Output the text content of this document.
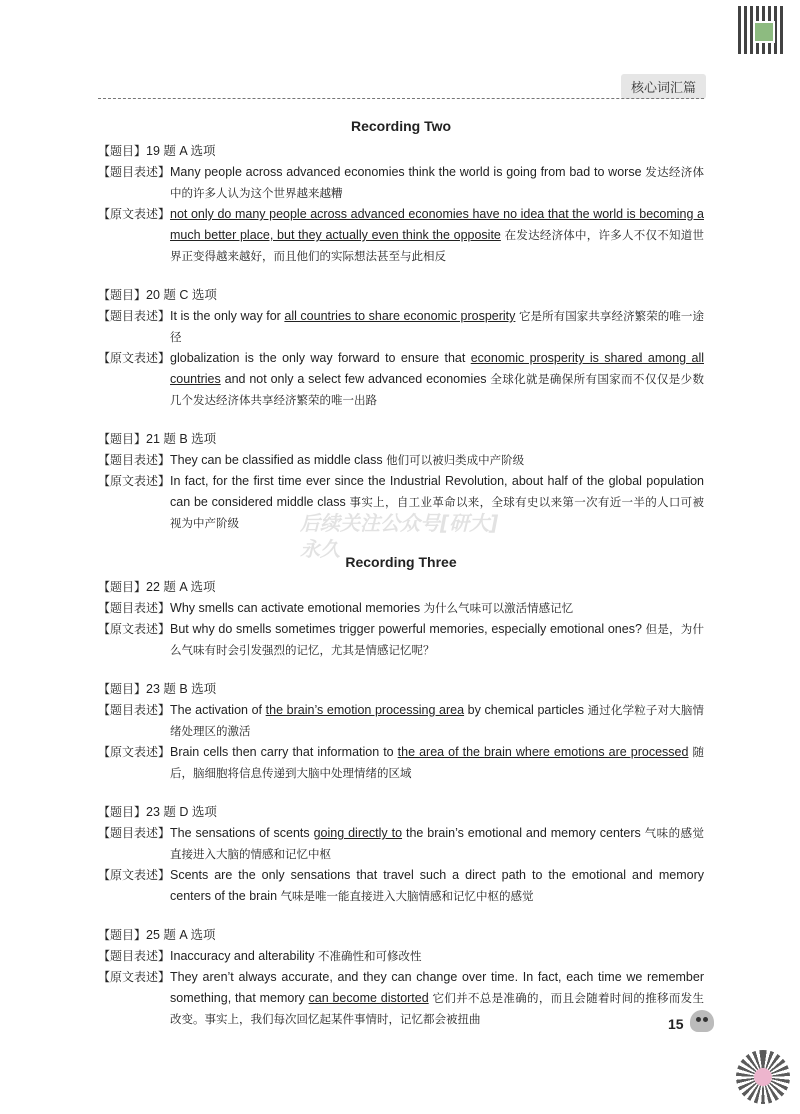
核心词汇篇
Recording Two
【题目】 19 题 A 选项
【题目表述】 Many people across advanced economies think the world is going from bad to worse 发达经济体中的许多人认为这个世界越来越糟
【原文表述】 not only do many people across advanced economies have no idea that the world is becoming a much better place, but they actually even think the opposite 在发达经济体中，许多人不仅不知道世界正变得越来越好，而且他们的实际想法甚至与此相反
【题目】 20 题 C 选项
【题目表述】 It is the only way for all countries to share economic prosperity 它是所有国家共享经济繁荣的唯一途径
【原文表述】 globalization is the only way forward to ensure that economic prosperity is shared among all countries and not only a select few advanced economies 全球化就是确保所有国家而不仅仅是少数几个发达经济体共享经济繁荣的唯一出路
【题目】 21 题 B 选项
【题目表述】 They can be classified as middle class 他们可以被归类成中产阶级
【原文表述】 In fact, for the first time ever since the Industrial Revolution, about half of the global population can be considered middle class 事实上，自工业革命以来，全球有史以来第一次有近一半的人口可被视为中产阶级
Recording Three
【题目】 22 题 A 选项
【题目表述】 Why smells can activate emotional memories 为什么气味可以激活情感记忆
【原文表述】 But why do smells sometimes trigger powerful memories, especially emotional ones? 但是，为什么气味有时会引发强烈的记忆，尤其是情感记忆呢？
【题目】 23 题 B 选项
【题目表述】 The activation of the brain’s emotion processing area by chemical particles 通过化学粒子对大脑情绪处理区的激活
【原文表述】 Brain cells then carry that information to the area of the brain where emotions are processed 随后，脑细胞将信息传递到大脑中处理情绪的区域
【题目】 23 题 D 选项
【题目表述】 The sensations of scents going directly to the brain’s emotional and memory centers 气味的感觉直接进入大脑的情感和记忆中枢
【原文表述】 Scents are the only sensations that travel such a direct path to the emotional and memory centers of the brain 气味是唯一能直接进入大脑情感和记忆中枢的感觉
【题目】 25 题 A 选项
【题目表述】 Inaccuracy and alterability 不准确性和可修改性
【原文表述】 They aren’t always accurate, and they can change over time. In fact, each time we remember something, that memory can become distorted 它们并不总是准确的，而且会随着时间的推移而发生改变。事实上，我们每次回忆起某件事情时，记忆都会被扭曲
后续关注公众号[研大]
永久
15
